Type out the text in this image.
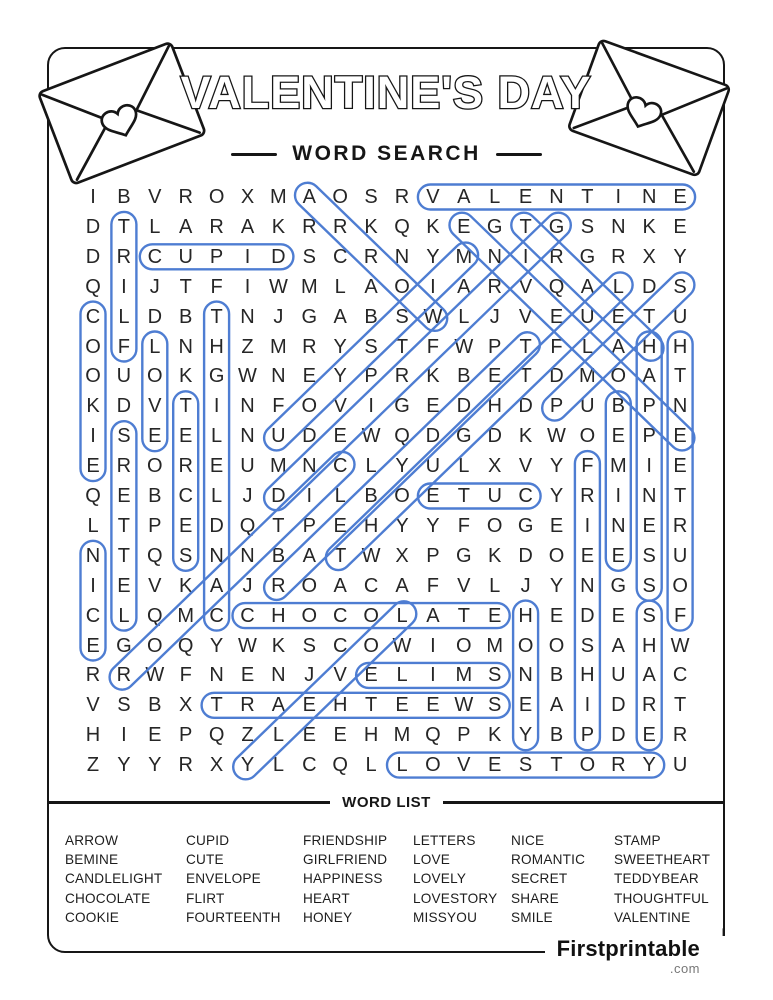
VALENTINE'S DAY
WORD SEARCH
I B V R O X M A O S R V A L E N T I N E
D T L A R A K R R K Q K E G T G S N K E
D R C U P I D S C R N Y M N I R G R X Y
Q I J T F I W M L A O I A R V Q A L D S
C L D B T N J G A B S W L J V E U E T U
O F L N H Z M R Y S T F W P T F L A H H
O U O K G W N E Y P R K B E T D M O A T
K D V T I N F O V I G E D H D P U B P N
I S E E L N U D E W Q D G D K W O E P E
E R O R E U M N C L Y U L X V Y F M I E
Q E B C L J D I L B O E T U C Y R I N T
L T P E D Q T P E H Y Y F O G E I N E R
N T Q S N N B A T W X P G K D O E E S U
I E V K A J R O A C A F V L J Y N G S O
C L Q M C C H O C O L A T E H E D E S F
E G O Q Y W K S C O W I O M O O S A H W
R R W F N E N J V E L I M S N B H U A C
V S B X T R A E H T E E W S E A I D R T
H I E P Q Z L E E H M Q P K Y B P D E R
Z Y Y R X Y L C Q L L O V E S T O R Y U
WORD LIST
ARROW
BEMINE
CANDLELIGHT
CHOCOLATE
COOKIE
CUPID
CUTE
ENVELOPE
FLIRT
FOURTEENTH
FRIENDSHIP
GIRLFRIEND
HAPPINESS
HEART
HONEY
LETTERS
LOVE
LOVELY
LOVESTORY
MISSYOU
NICE
ROMANTIC
SECRET
SHARE
SMILE
STAMP
SWEETHEART
TEDDYBEAR
THOUGHTFUL
VALENTINE
Firstprintable
.com
